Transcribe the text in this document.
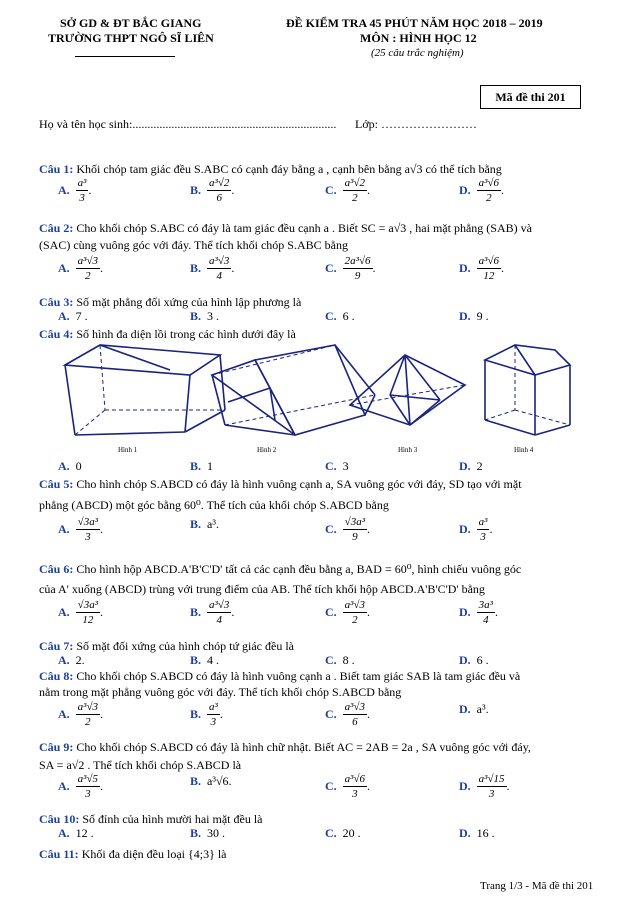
SỞ GD & ĐT BẮC GIANG
TRƯỜNG THPT NGÔ SĨ LIÊN
ĐỀ KIỂM TRA 45 PHÚT NĂM HỌC 2018 – 2019
MÔN : HÌNH HỌC 12
(25 câu trắc nghiệm)
Mã đề thi 201
Họ và tên học sinh:.................................................................... Lớp: ……………………
Câu 1: Khối chóp tam giác đều S.ABC có cạnh đáy bằng a , cạnh bên bằng a√3 có thể tích bằng
A. $\frac{\text{a³}}{3}$ .	B. $\frac{\text{a³√2}}{6}$ .	C. $\frac{\text{a³√2}}{2}$ .	D. $\frac{\text{a³√6}}{2}$ .
Câu 2: Cho khối chóp S.ABC có đáy là tam giác đều cạnh a . Biết SC = a√3 , hai mặt phẳng (SAB) và
(SAC) cùng vuông góc với đáy. Thể tích khối chóp S.ABC bằng
A. $\frac{\text{a³√3}}{2}$ .	B. $\frac{\text{a³√3}}{4}$ .	C. $\frac{\text{2a³√6}}{9}$ .	D. $\frac{\text{a³√6}}{12}$ .
Câu 3: Số mặt phẳng đối xứng của hình lập phương là
A. 7 .	B. 3 .	C. 6 .	D. 9 .
Câu 4: Số hình đa diện lồi trong các hình dưới đây là
Hình 1	Hình 2	Hình 3	Hình 4
A. 0	B. 1	C. 3	D. 2
Câu 5: Cho hình chóp S.ABCD có đáy là hình vuông cạnh a, SA vuông góc với đáy, SD tạo với mặt
phẳng (ABCD) một góc bằng 60⁰. Thể tích của khối chóp S.ABCD bằng
A. $\frac{\text{√3a³}}{3}$ .	B. a³.	C. $\frac{\text{√3a³}}{9}$ .	D. $\frac{\text{a³}}{3}$ .
Câu 6: Cho hình hộp ABCD.A'B'C'D' tất cả các cạnh đều bằng a, BAD = 60⁰, hình chiếu vuông góc
của A' xuống (ABCD) trùng với trung điểm của AB. Thể tích khối hộp ABCD.A'B'C'D' bằng
A. $\frac{\text{√3a³}}{12}$ .	B. $\frac{\text{a³√3}}{4}$ .	C. $\frac{\text{a³√3}}{2}$ .	D. $\frac{\text{3a³}}{4}$ .
Câu 7: Số mặt đối xứng của hình chóp tứ giác đều là
A. 2.	B. 4 .	C. 8 .	D. 6 .
Câu 8: Cho khối chóp S.ABCD có đáy là hình vuông cạnh a . Biết tam giác SAB là tam giác đều và
nằm trong mặt phẳng vuông góc với đáy. Thể tích khối chóp S.ABCD bằng
A. $\frac{\text{a³√3}}{2}$ .	B. $\frac{\text{a³}}{3}$ .	C. $\frac{\text{a³√3}}{6}$ .	D. a³.
Câu 9: Cho khối chóp S.ABCD có đáy là hình chữ nhật. Biết AC = 2AB = 2a , SA vuông góc với đáy,
SA = a√2 . Thể tích khối chóp S.ABCD là
A. $\frac{\text{a³√5}}{3}$ .	B. a³√6.	C. $\frac{\text{a³√6}}{3}$ .	D. $\frac{\text{a³√15}}{3}$ .
Câu 10: Số đỉnh của hình mười hai mặt đều là
A. 12 .	B. 30 .	C. 20 .	D. 16 .
Câu 11: Khối đa diện đều loại {4;3} là
Trang 1/3 - Mã đề thi 201
